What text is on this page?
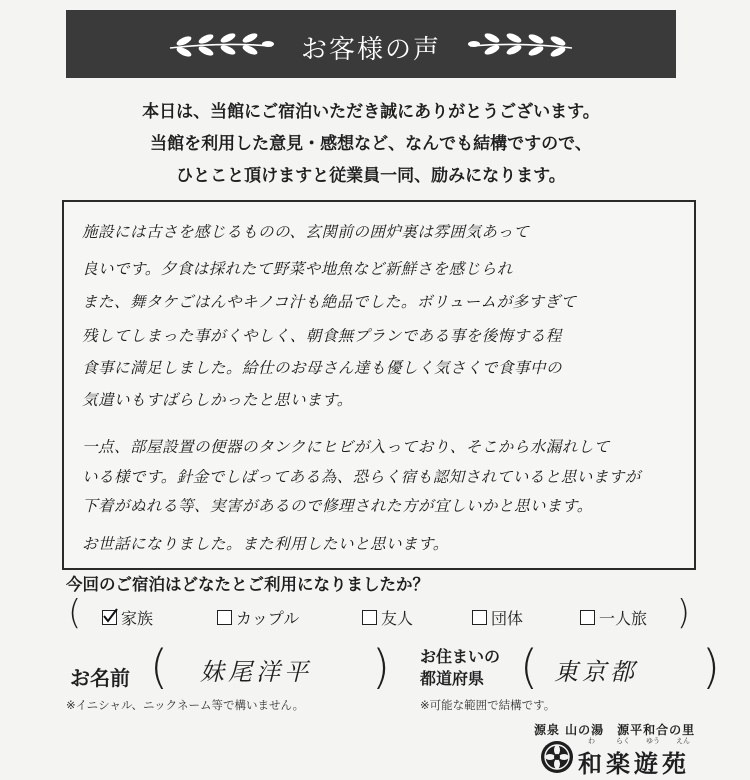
お客様の声

本日は、当館にご宿泊いただき誠にありがとうございます。

当館を利用した意見・感想など、なんでも結構ですので、

ひとこと頂けますと従業員一同、励みになります。

施設には古さを感じるものの、玄関前の囲炉裏は雰囲気あって

良いです。夕食は採れたて野菜や地魚など新鮮さを感じられ

また、舞タケごはんやキノコ汁も絶品でした。ボリュームが多すぎて

残してしまった事がくやしく、朝食無プランである事を後悔する程

食事に満足しました。給仕のお母さん達も優しく気さくで食事中の

気遣いもすばらしかったと思います。

一点、部屋設置の便器のタンクにヒビが入っており、そこから水漏れして

いる様です。針金でしばってある為、恐らく宿も認知されていると思いますが

下着がぬれる等、実害があるので修理された方が宜しいかと思います。

お世話になりました。また利用したいと思います。

今回のご宿泊はどなたとご利用になりましたか？
( 家族	カップル	友人	団体	一人旅 )
お名前 ( 妹尾洋平 ) お住まいの
都道府県 ( 東京都 )
※イニシャル、ニックネーム等で構いません。	※可能な範囲で結構です。
源泉 山の湯　源平和合の里
わ	らく ゆう えん
和楽遊苑
